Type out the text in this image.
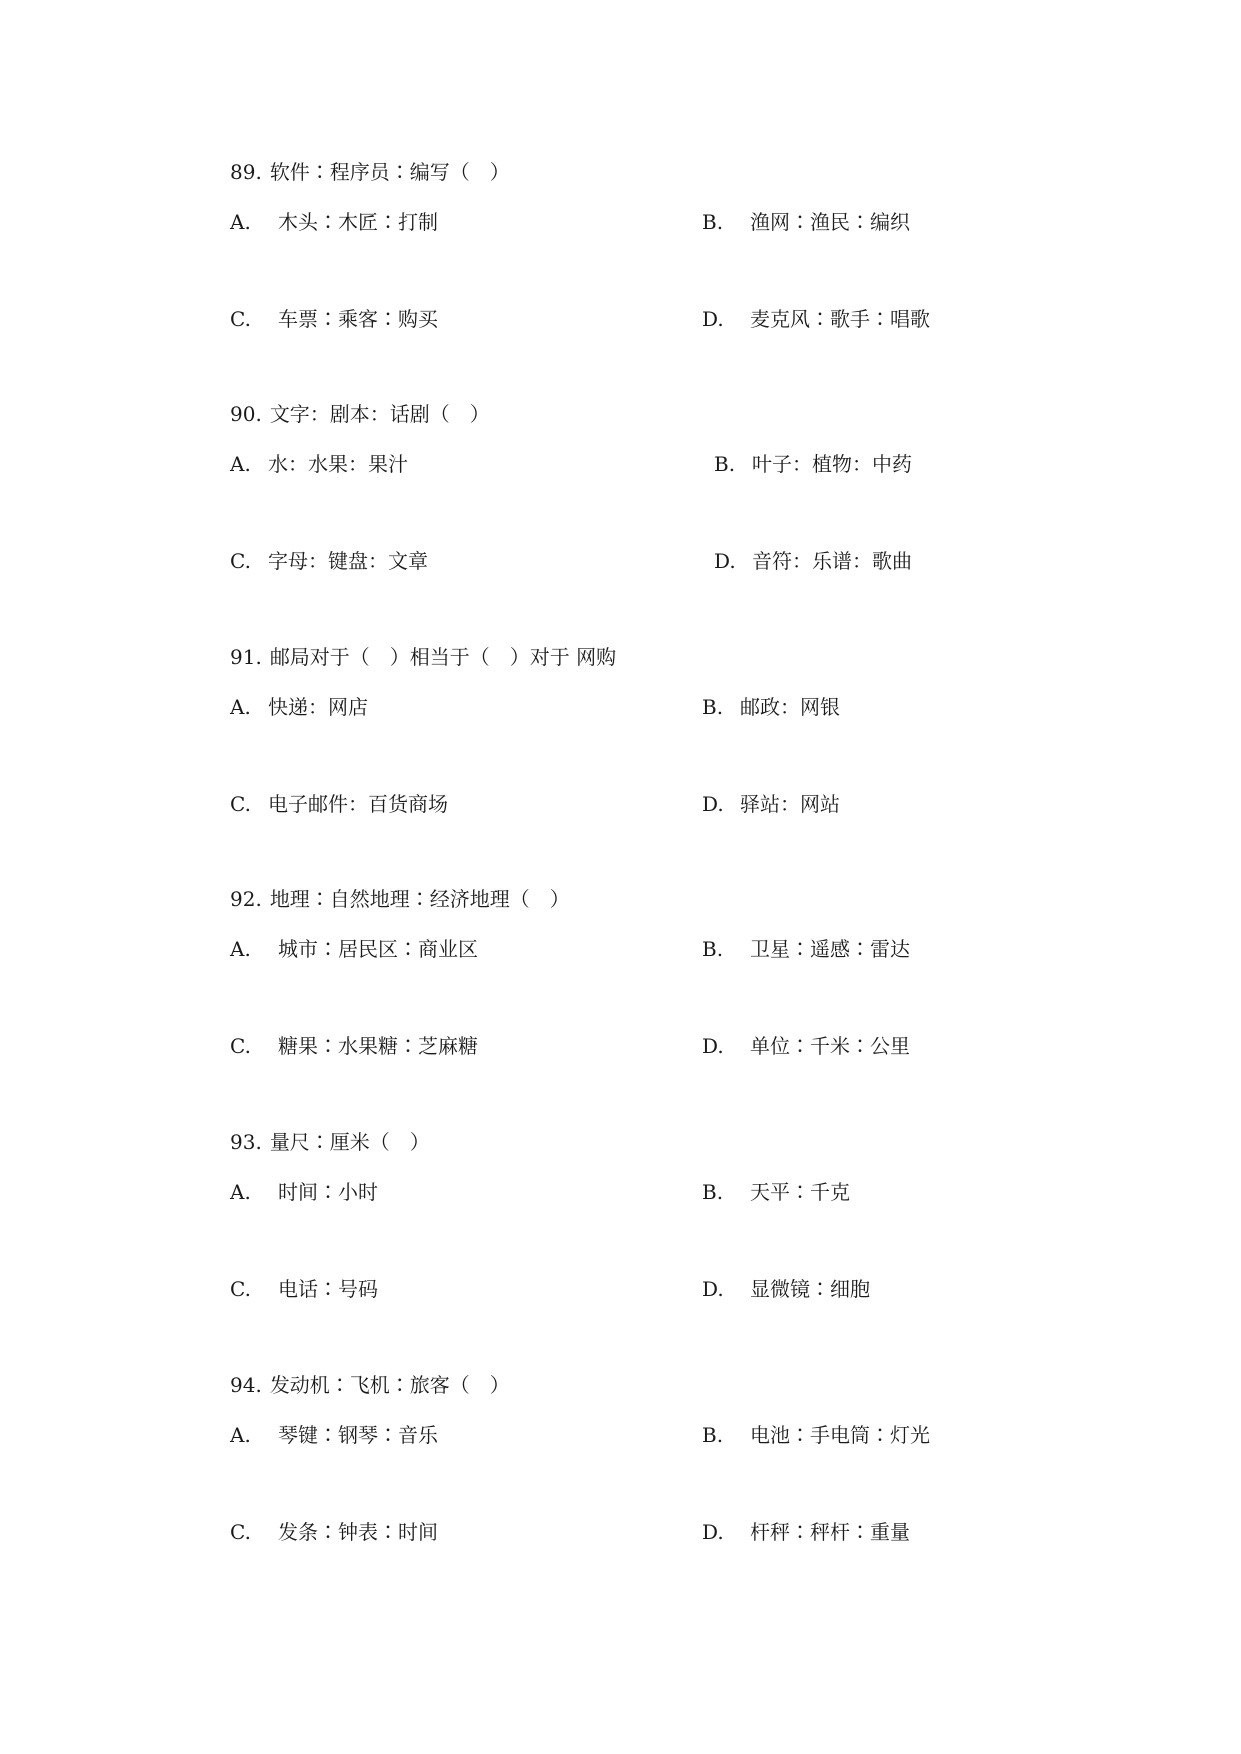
89. 软件∶程序员∶编写（　）
A. 木头∶木匠∶打制	B. 渔网∶渔民∶编织
C. 车票∶乘客∶购买	D. 麦克风∶歌手∶唱歌
90. 文字：剧本：话剧（　）
A. 水：水果：果汁	B. 叶子：植物：中药
C. 字母：键盘：文章	D. 音符：乐谱：歌曲
91. 邮局对于（　）相当于（　）对于 网购
A. 快递：网店	B. 邮政：网银
C. 电子邮件：百货商场	D. 驿站：网站
92. 地理∶自然地理∶经济地理（　）
A. 城市∶居民区∶商业区	B. 卫星∶遥感∶雷达
C. 糖果∶水果糖∶芝麻糖	D. 单位∶千米∶公里
93. 量尺∶厘米（　）
A. 时间∶小时	B. 天平∶千克
C. 电话∶号码	D. 显微镜∶细胞
94. 发动机∶飞机∶旅客（　）
A. 琴键∶钢琴∶音乐	B. 电池∶手电筒∶灯光
C. 发条∶钟表∶时间	D. 杆秤∶秤杆∶重量
